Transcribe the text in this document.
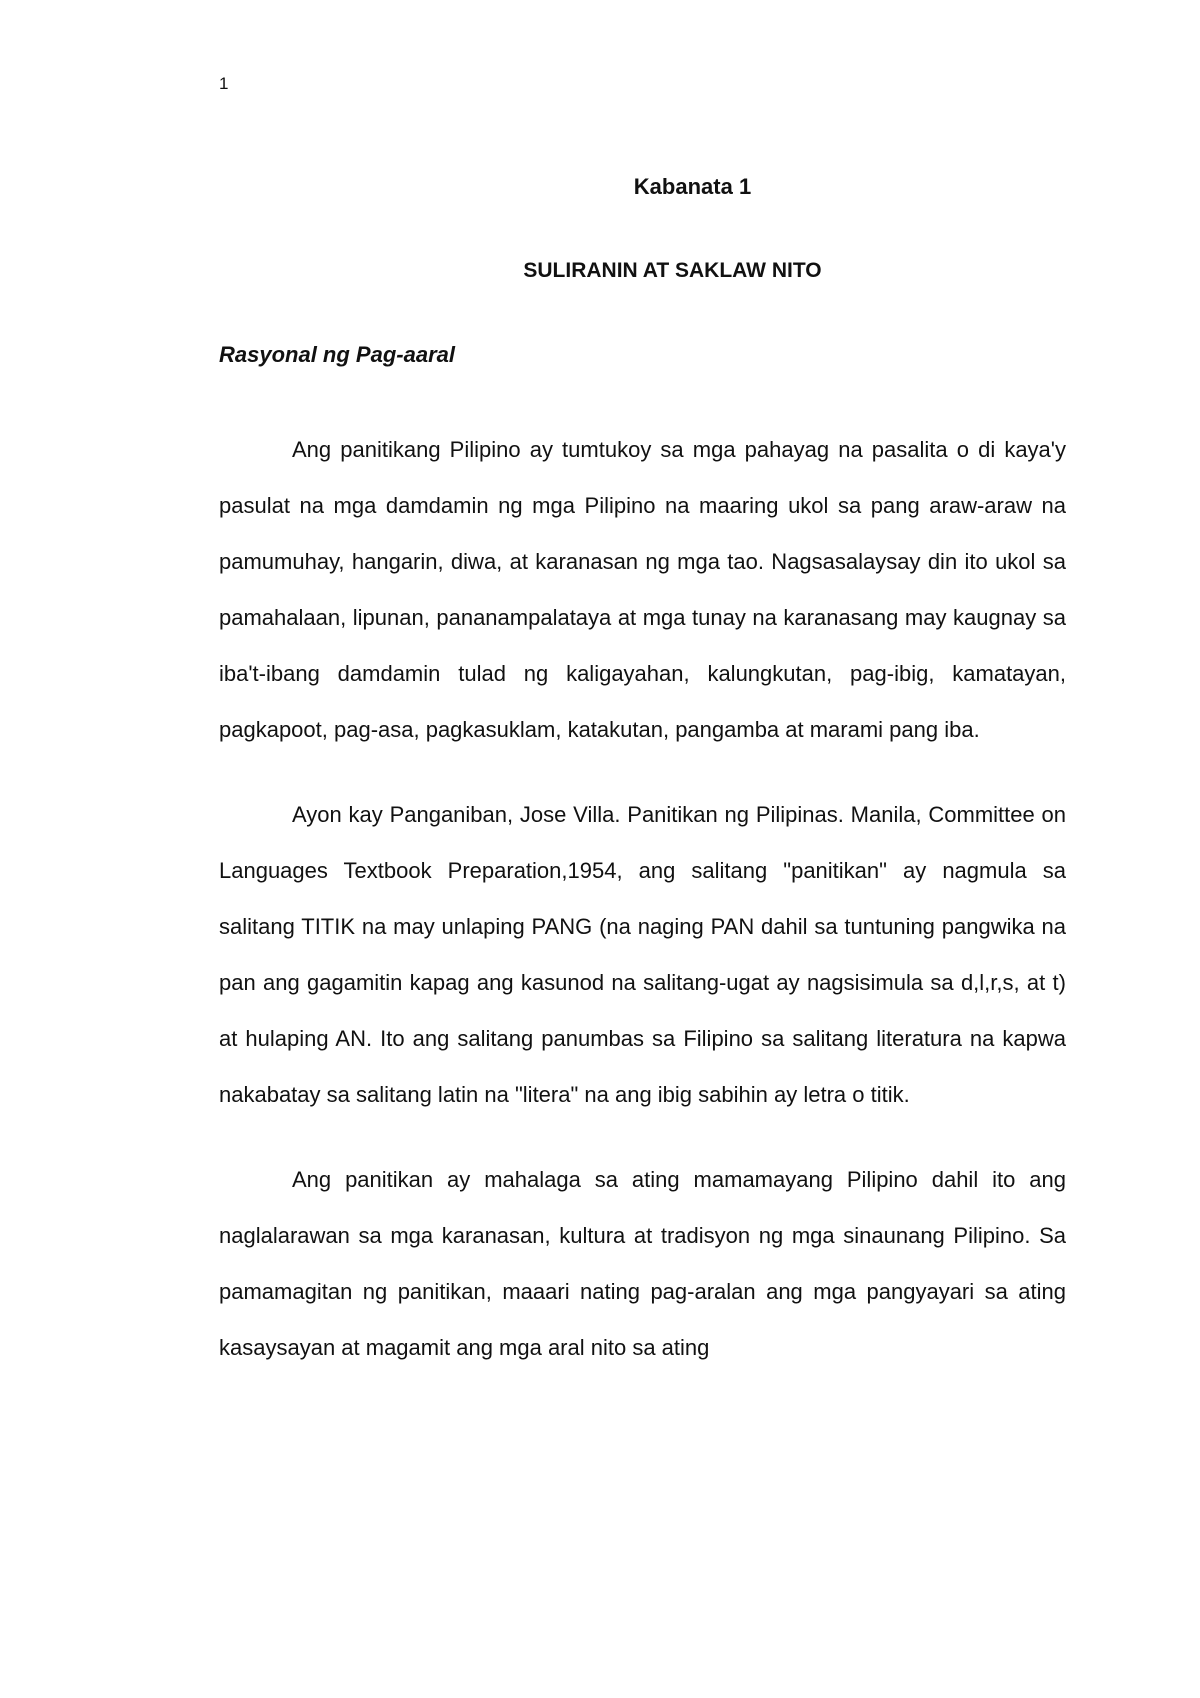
1
Kabanata 1
SULIRANIN AT SAKLAW NITO
Rasyonal ng Pag-aaral

Ang panitikang Pilipino ay tumtukoy sa mga pahayag na pasalita o di kaya'y pasulat na mga damdamin ng mga Pilipino na maaring ukol sa pang araw-araw na pamumuhay, hangarin, diwa, at karanasan ng mga tao. Nagsasalaysay din ito ukol sa pamahalaan, lipunan, pananampalataya at mga tunay na karanasang may kaugnay sa iba't-ibang damdamin tulad ng kaligayahan, kalungkutan, pag-ibig, kamatayan, pagkapoot, pag-asa, pagkasuklam, katakutan, pangamba at marami pang iba.

Ayon kay Panganiban, Jose Villa. Panitikan ng Pilipinas. Manila, Committee on Languages Textbook Preparation,1954, ang salitang "panitikan" ay nagmula sa salitang TITIK na may unlaping PANG (na naging PAN dahil sa tuntuning pangwika na pan ang gagamitin kapag ang kasunod na salitang-ugat ay nagsisimula sa d,l,r,s, at t) at hulaping AN. Ito ang salitang panumbas sa Filipino sa salitang literatura na kapwa nakabatay sa salitang latin na "litera" na ang ibig sabihin ay letra o titik.

Ang panitikan ay mahalaga sa ating mamamayang Pilipino dahil ito ang naglalarawan sa mga karanasan, kultura at tradisyon ng mga sinaunang Pilipino. Sa pamamagitan ng panitikan, maaari nating pag-aralan ang mga pangyayari sa ating kasaysayan at magamit ang mga aral nito sa ating
